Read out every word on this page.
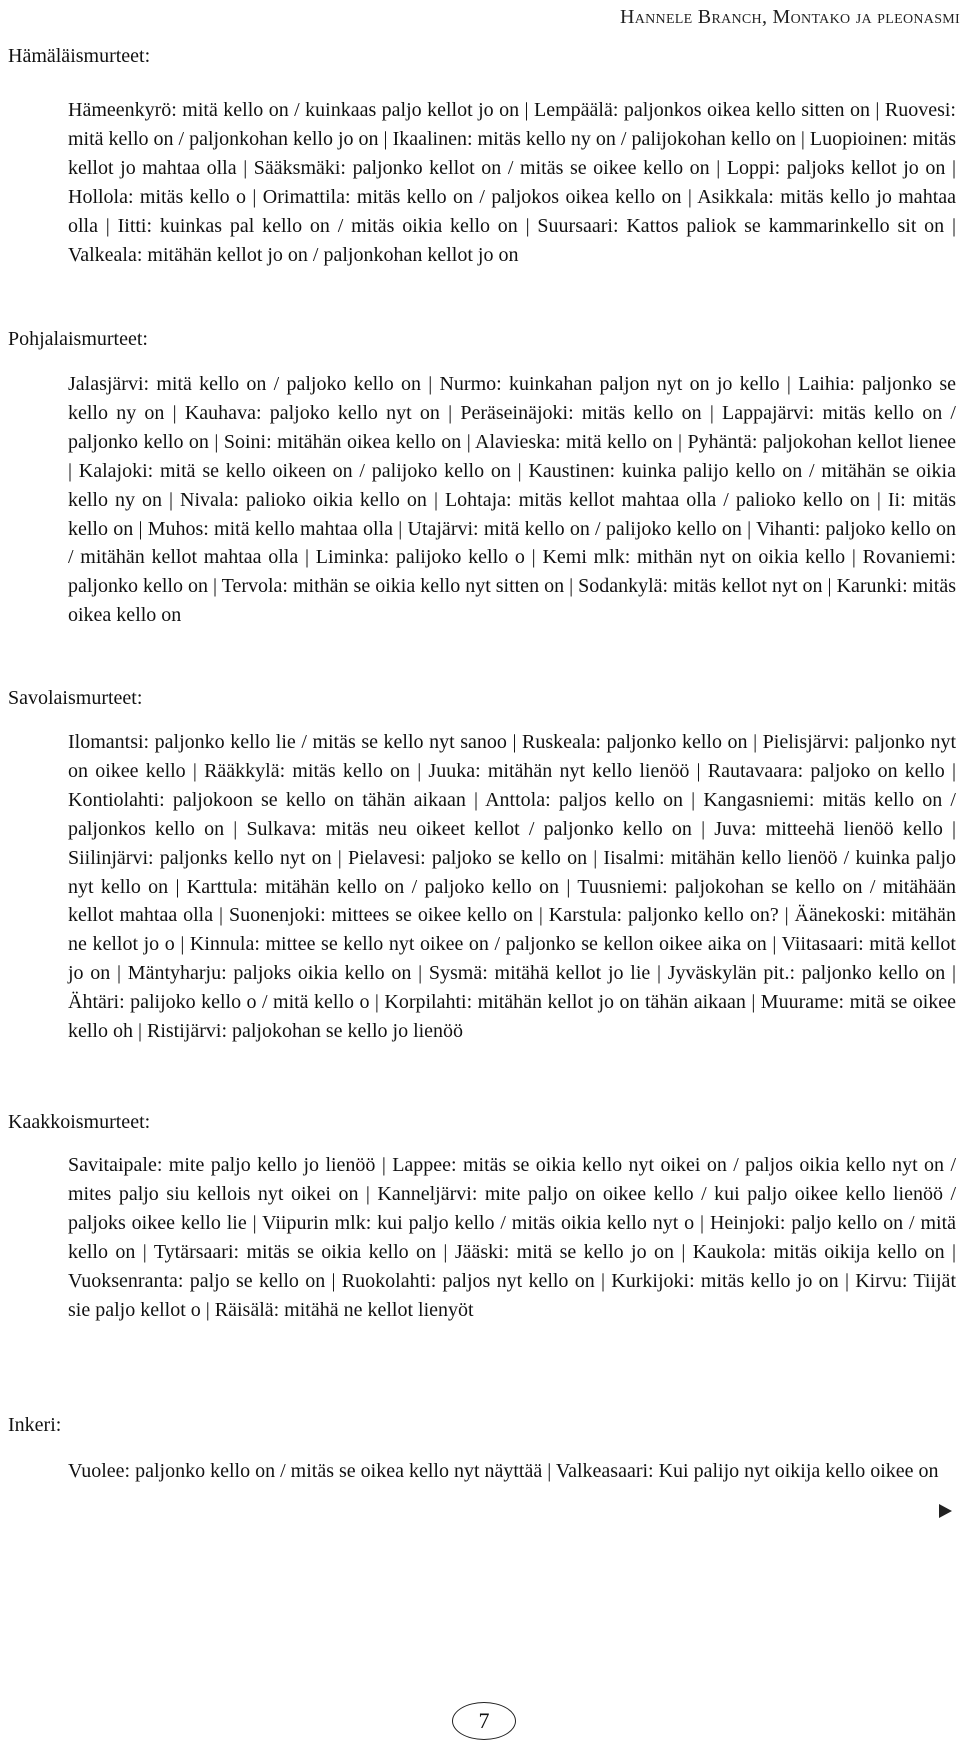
Hannele Branch, Montako ja pleonasmi
Hämäläismurteet:
Hämeenkyrö: mitä kello on / kuinkaas paljo kellot jo on | Lempäälä: paljonkos oikea kello sitten on | Ruovesi: mitä kello on / paljonkohan kello jo on | Ikaalinen: mitäs kello ny on / palijokohan kello on | Luopioinen: mitäs kellot jo mahtaa olla | Sääksmäki: paljonko kellot on / mitäs se oikee kello on | Loppi: paljoks kellot jo on | Hollola: mitäs kello o | Orimattila: mitäs kello on / paljokos oikea kello on | Asikkala: mitäs kello jo mahtaa olla | Iitti: kuinkas pal kello on / mitäs oikia kello on | Suursaari: Kattos paliok se kammarinkello sit on | Valkeala: mitähän kellot jo on / paljonkohan kellot jo on
Pohjalaismurteet:
Jalasjärvi: mitä kello on / paljoko kello on | Nurmo: kuinkahan paljon nyt on jo kello | Laihia: paljonko se kello ny on | Kauhava: paljoko kello nyt on | Peräseinäjoki: mitäs kello on | Lappajärvi: mitäs kello on / paljonko kello on | Soini: mitähän oikea kello on | Alavieska: mitä kello on | Pyhäntä: paljokohan kellot lienee | Kalajoki: mitä se kello oikeen on / palijoko kello on | Kaustinen: kuinka palijo kello on / mitähän se oikia kello ny on | Nivala: palioko oikia kello on | Lohtaja: mitäs kellot mahtaa olla / palioko kello on | Ii: mitäs kello on | Muhos: mitä kello mahtaa olla | Utajärvi: mitä kello on / palijoko kello on | Vihanti: paljoko kello on / mitähän kellot mahtaa olla | Liminka: palijoko kello o | Kemi mlk: mithän nyt on oikia kello | Rovaniemi: paljonko kello on | Tervola: mithän se oikia kello nyt sitten on | Sodankylä: mitäs kellot nyt on | Karunki: mitäs oikea kello on
Savolaismurteet:
Ilomantsi: paljonko kello lie / mitäs se kello nyt sanoo | Ruskeala: paljonko kello on | Pielisjärvi: paljonko nyt on oikee kello | Rääkkylä: mitäs kello on | Juuka: mitähän nyt kello lienöö | Rautavaara: paljoko on kello | Kontiolahti: paljokoon se kello on tähän aikaan | Anttola: paljos kello on | Kangasniemi: mitäs kello on / paljonkos kello on | Sulkava: mitäs neu oikeet kellot / paljonko kello on | Juva: mitteehä lienöö kello | Siilinjärvi: paljonks kello nyt on | Pielavesi: paljoko se kello on | Iisalmi: mitähän kello lienöö / kuinka paljo nyt kello on | Karttula: mitähän kello on / paljoko kello on | Tuusniemi: paljokohan se kello on / mitähään kellot mahtaa olla | Suonenjoki: mittees se oikee kello on | Karstula: paljonko kello on? | Äänekoski: mitähän ne kellot jo o | Kinnula: mittee se kello nyt oikee on / paljonko se kellon oikee aika on | Viitasaari: mitä kellot jo on | Mäntyharju: paljoks oikia kello on | Sysmä: mitähä kellot jo lie | Jyväskylän pit.: paljonko kello on | Ähtäri: palijoko kello o / mitä kello o | Korpilahti: mitähän kellot jo on tähän aikaan | Muurame: mitä se oikee kello oh | Ristijärvi: paljokohan se kello jo lienöö
Kaakkoismurteet:
Savitaipale: mite paljo kello jo lienöö | Lappee: mitäs se oikia kello nyt oikei on / paljos oikia kello nyt on / mites paljo siu kellois nyt oikei on | Kanneljärvi: mite paljo on oikee kello / kui paljo oikee kello lienöö / paljoks oikee kello lie | Viipurin mlk: kui paljo kello / mitäs oikia kello nyt o | Heinjoki: paljo kello on / mitä kello on | Tytärsaari: mitäs se oikia kello on | Jääski: mitä se kello jo on | Kaukola: mitäs oikija kello on | Vuoksenranta: paljo se kello on | Ruokolahti: paljos nyt kello on | Kurkijoki: mitäs kello jo on | Kirvu: Tiijät sie paljo kellot o | Räisälä: mitähä ne kellot lienyöt
Inkeri:
Vuolee: paljonko kello on / mitäs se oikea kello nyt näyttää | Valkeasaari: Kui palijo nyt oikija kello oikee on
7
